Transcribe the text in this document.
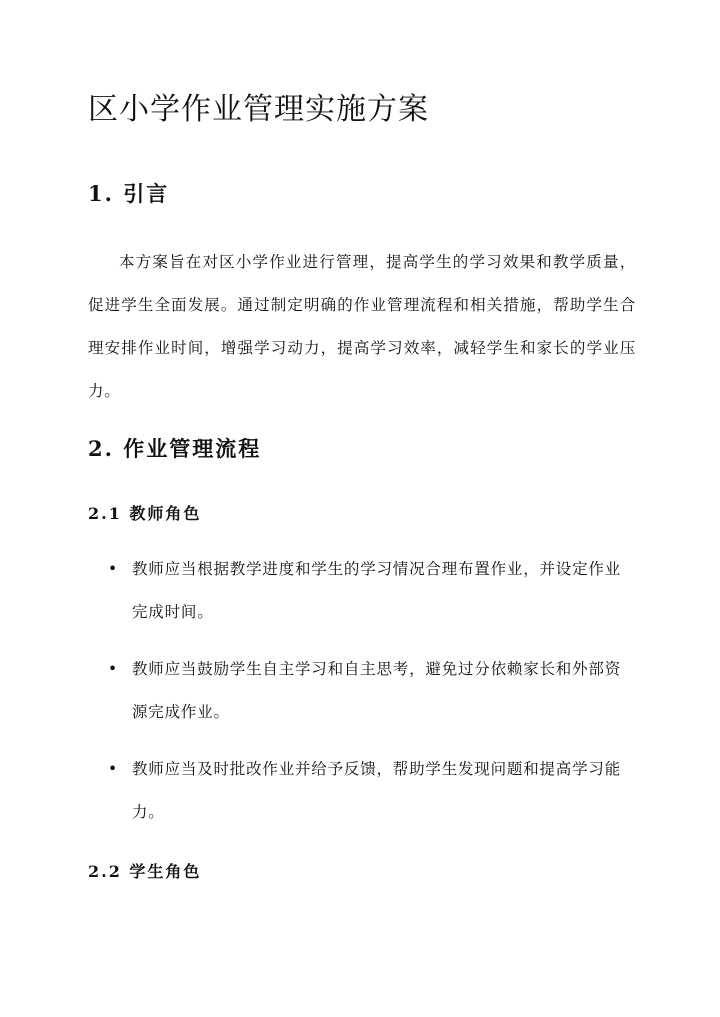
区小学作业管理实施方案
1. 引言

本方案旨在对区小学作业进行管理，提高学生的学习效果和教学质量，促进学生全面发展。通过制定明确的作业管理流程和相关措施，帮助学生合理安排作业时间，增强学习动力，提高学习效率，减轻学生和家长的学业压力。

2. 作业管理流程
2.1 教师角色
• 教师应当根据教学进度和学生的学习情况合理布置作业，并设定作业完成时间。
• 教师应当鼓励学生自主学习和自主思考，避免过分依赖家长和外部资源完成作业。
• 教师应当及时批改作业并给予反馈，帮助学生发现问题和提高学习能力。
2.2 学生角色
